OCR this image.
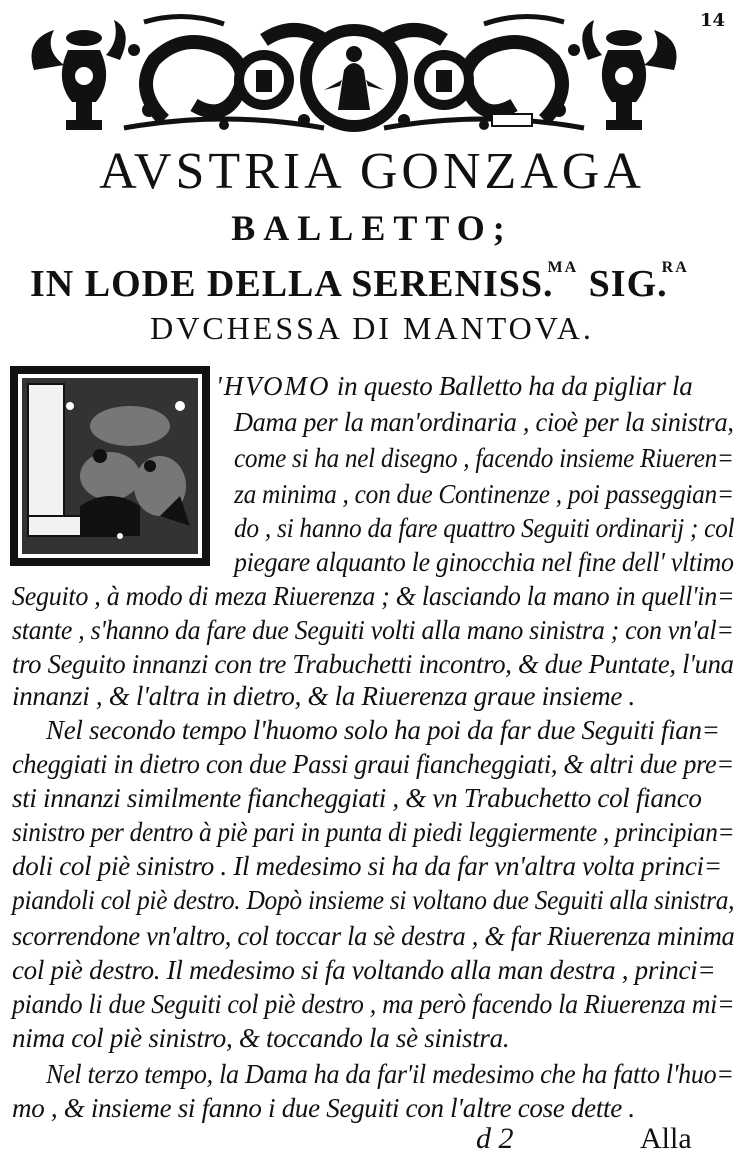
14
AVSTRIA GONZAGA
BALLETTO;
IN LODE DELLA SERENISS.$^{MA}$ SIG.$^{RA}$
DVCHESSA DI MANTOVA.
'HVOMO in questo Balletto ha da pigliar la
Dama per la man'ordinaria , cioè per la sinistra,
come si ha nel disegno , facendo insieme Riueren=
za minima , con due Continenze , poi passeggian=
do , si hanno da fare quattro Seguiti ordinarij ; col
piegare alquanto le ginocchia nel fine dell' vltimo
Seguito , à modo di meza Riuerenza ; & lasciando la mano in quell'in=
stante , s'hanno da fare due Seguiti volti alla mano sinistra ; con vn'al=
tro Seguito innanzi con tre Trabuchetti incontro, & due Puntate, l'una
innanzi , & l'altra in dietro, & la Riuerenza graue insieme .
Nel secondo tempo l'huomo solo ha poi da far due Seguiti fian=
cheggiati in dietro con due Passi graui fiancheggiati, & altri due pre=
sti innanzi similmente fiancheggiati , & vn Trabuchetto col fianco
sinistro per dentro à piè pari in punta di piedi leggiermente , principian=
doli col piè sinistro . Il medesimo si ha da far vn'altra volta princi=
piandoli col piè destro. Dopò insieme si voltano due Seguiti alla sinistra,
scorrendone vn'altro, col toccar la sè destra , & far Riuerenza minima
col piè destro. Il medesimo si fa voltando alla man destra , princi=
piando li due Seguiti col piè destro , ma però facendo la Riuerenza mi=
nima col piè sinistro, & toccando la sè sinistra.
Nel terzo tempo, la Dama ha da far'il medesimo che ha fatto l'huo=
mo , & insieme si fanno i due Seguiti con l'altre cose dette .
d 2	Alla
